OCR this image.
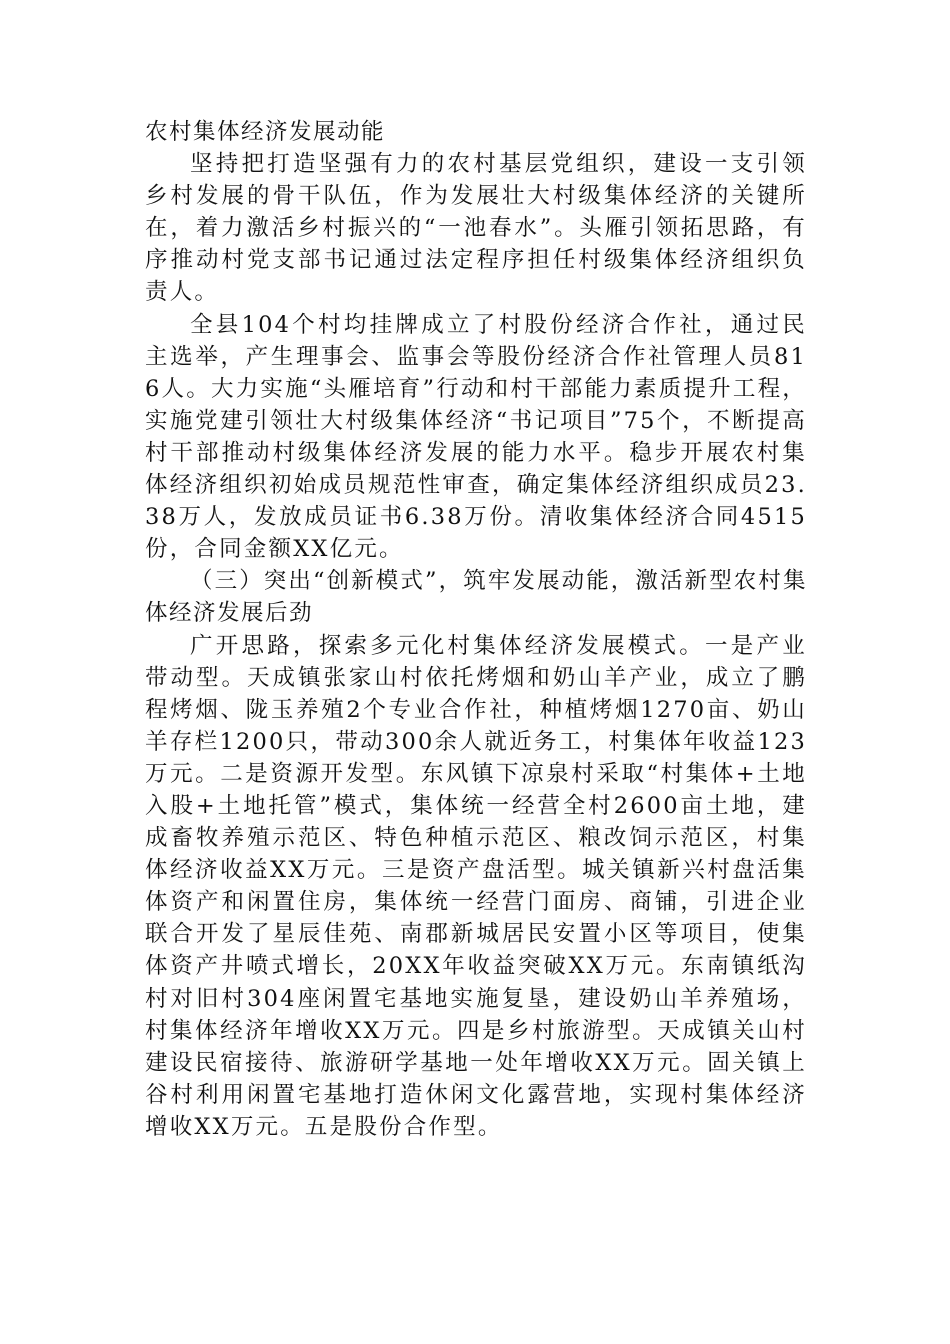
农村集体经济发展动能

坚持把打造坚强有力的农村基层党组织，建设一支引领乡村发展的骨干队伍，作为发展壮大村级集体经济的关键所在，着力激活乡村振兴的“一池春水”。头雁引领拓思路，有序推动村党支部书记通过法定程序担任村级集体经济组织负责人。

全县104个村均挂牌成立了村股份经济合作社，通过民主选举，产生理事会、监事会等股份经济合作社管理人员816人。大力实施“头雁培育”行动和村干部能力素质提升工程，实施党建引领壮大村级集体经济“书记项目”75个，不断提高村干部推动村级集体经济发展的能力水平。稳步开展农村集体经济组织初始成员规范性审查，确定集体经济组织成员23.38万人，发放成员证书6.38万份。清收集体经济合同4515份，合同金额XX亿元。

（三）突出“创新模式”，筑牢发展动能，激活新型农村集体经济发展后劲

广开思路，探索多元化村集体经济发展模式。一是产业带动型。天成镇张家山村依托烤烟和奶山羊产业，成立了鹏程烤烟、陇玉养殖2个专业合作社，种植烤烟1270亩、奶山羊存栏1200只，带动300余人就近务工，村集体年收益123万元。二是资源开发型。东风镇下凉泉村采取“村集体+土地入股+土地托管”模式，集体统一经营全村2600亩土地，建成畜牧养殖示范区、特色种植示范区、粮改饲示范区，村集体经济收益XX万元。三是资产盘活型。城关镇新兴村盘活集体资产和闲置住房，集体统一经营门面房、商铺，引进企业联合开发了星辰佳苑、南郡新城居民安置小区等项目，使集体资产井喷式增长，20XX年收益突破XX万元。东南镇纸沟村对旧村304座闲置宅基地实施复垦，建设奶山羊养殖场，村集体经济年增收XX万元。四是乡村旅游型。天成镇关山村建设民宿接待、旅游研学基地一处年增收XX万元。固关镇上谷村利用闲置宅基地打造休闲文化露营地，实现村集体经济增收XX万元。五是股份合作型。
